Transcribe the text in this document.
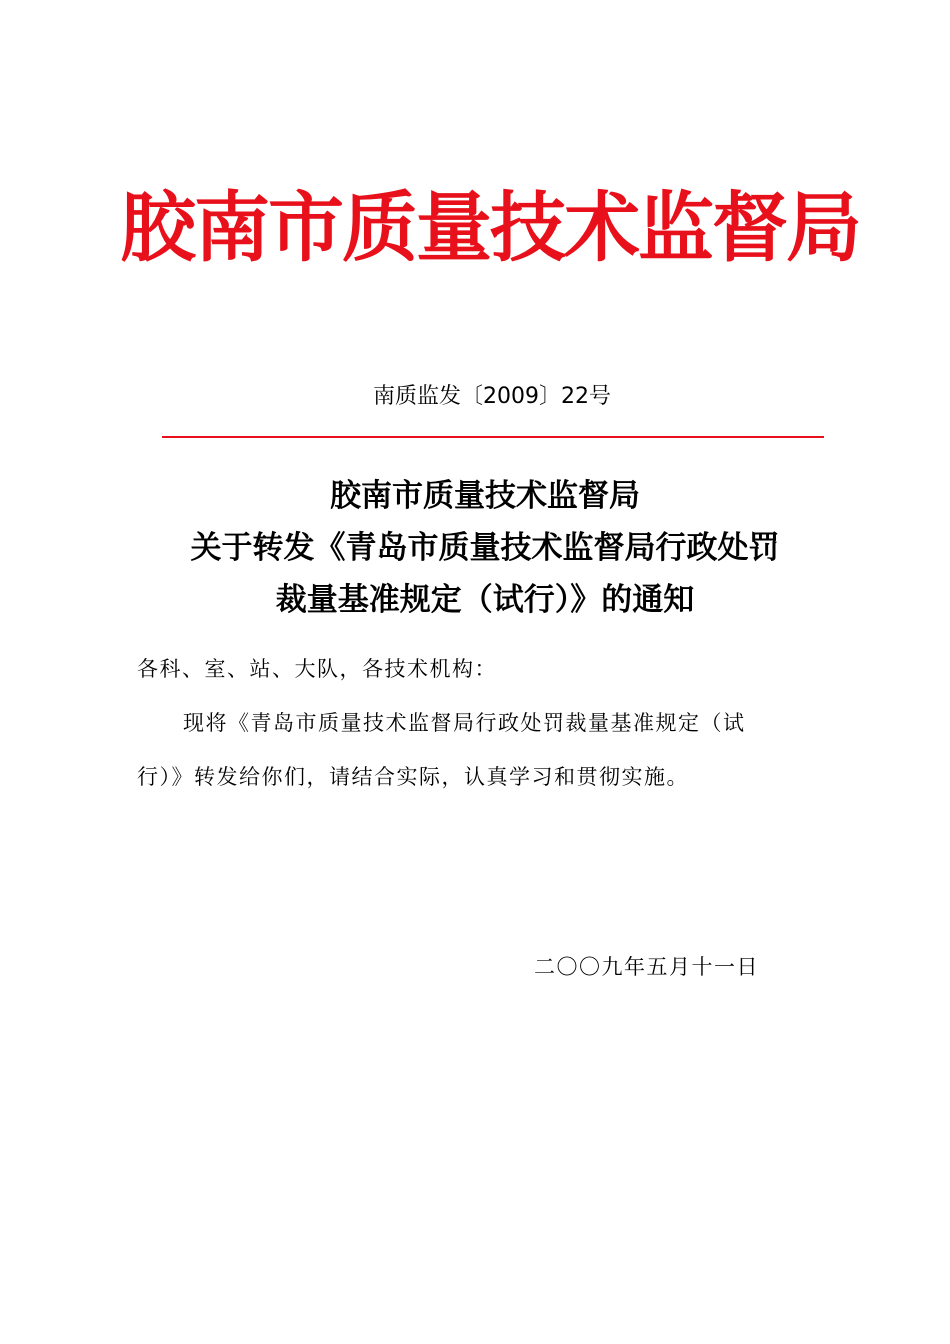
胶南市质量技术监督局
南质监发〔2009〕22号
胶南市质量技术监督局
关于转发《青岛市质量技术监督局行政处罚
裁量基准规定（试行）》的通知
各科、室、站、大队，各技术机构：
现将《青岛市质量技术监督局行政处罚裁量基准规定（试
行）》转发给你们，请结合实际，认真学习和贯彻实施。
二〇〇九年五月十一日
